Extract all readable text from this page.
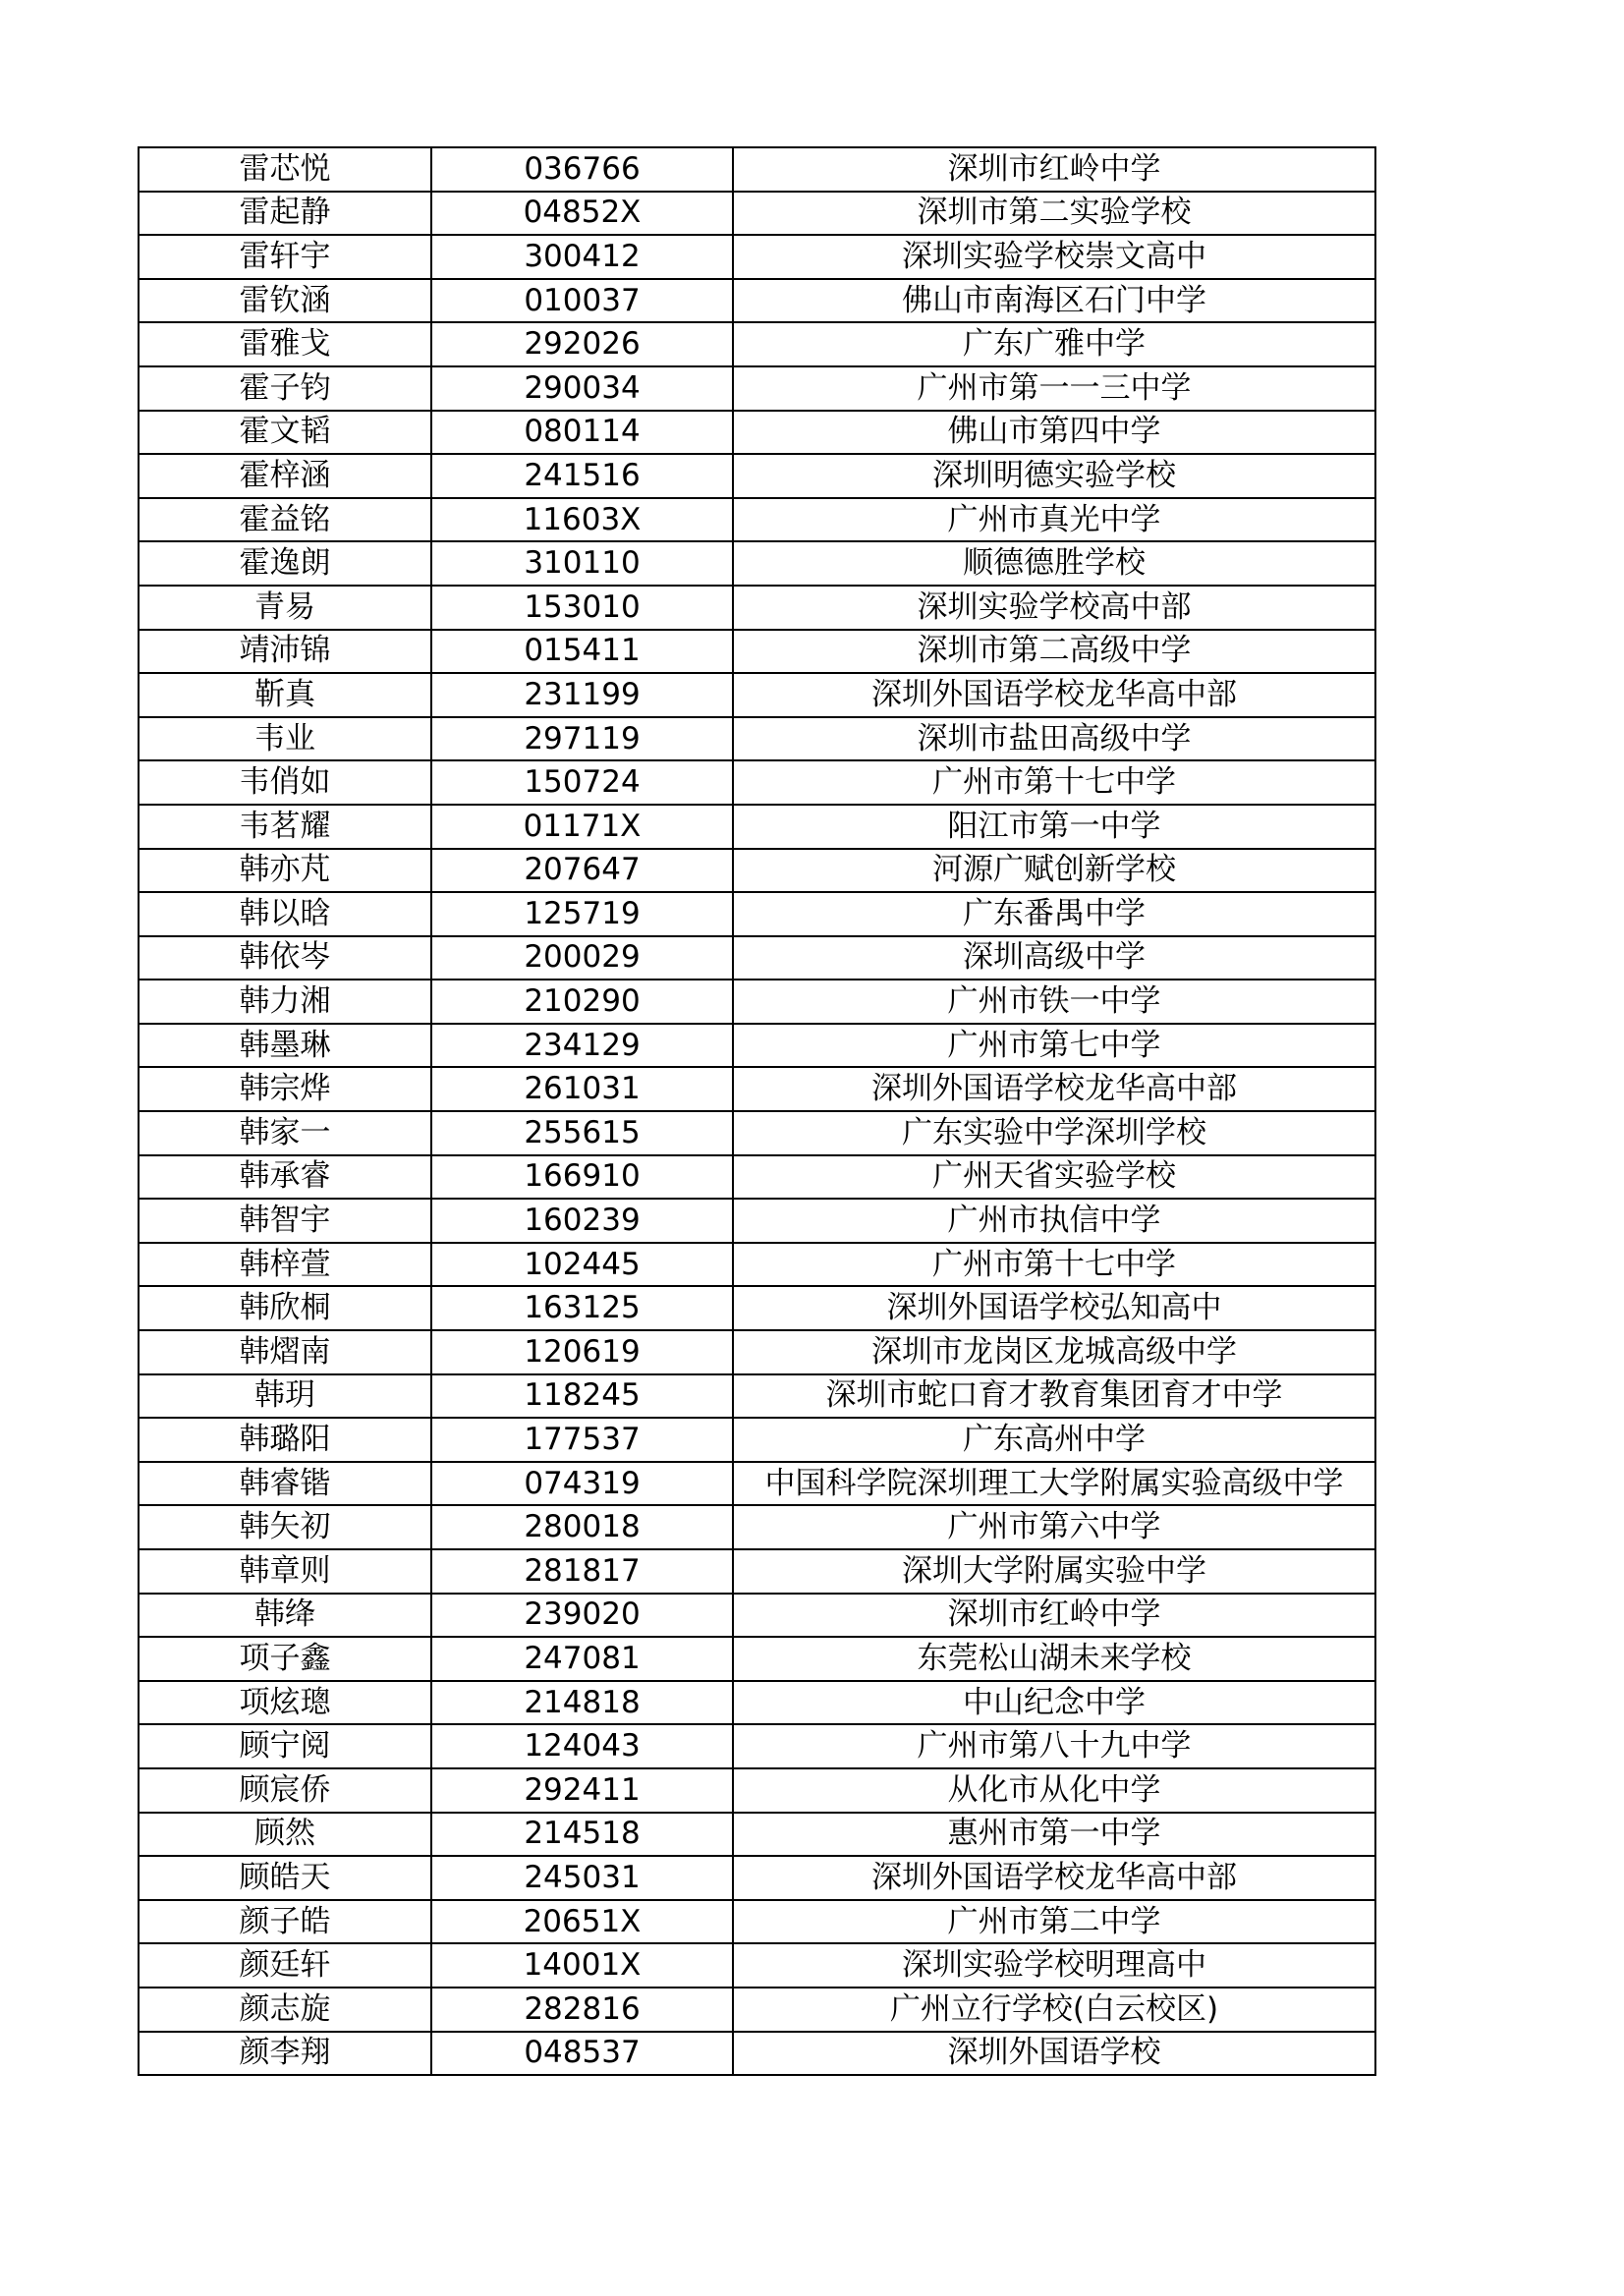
雷芯悦	036766	深圳市红岭中学
雷起静	04852X	深圳市第二实验学校
雷轩宇	300412	深圳实验学校崇文高中
雷钦涵	010037	佛山市南海区石门中学
雷雅戈	292026	广东广雅中学
霍子钧	290034	广州市第一一三中学
霍文韬	080114	佛山市第四中学
霍梓涵	241516	深圳明德实验学校
霍益铭	11603X	广州市真光中学
霍逸朗	310110	顺德德胜学校
青易	153010	深圳实验学校高中部
靖沛锦	015411	深圳市第二高级中学
靳真	231199	深圳外国语学校龙华高中部
韦业	297119	深圳市盐田高级中学
韦俏如	150724	广州市第十七中学
韦茗耀	01171X	阳江市第一中学
韩亦芃	207647	河源广赋创新学校
韩以晗	125719	广东番禺中学
韩依岑	200029	深圳高级中学
韩力湘	210290	广州市铁一中学
韩墨琳	234129	广州市第七中学
韩宗烨	261031	深圳外国语学校龙华高中部
韩家一	255615	广东实验中学深圳学校
韩承睿	166910	广州天省实验学校
韩智宇	160239	广州市执信中学
韩梓萱	102445	广州市第十七中学
韩欣桐	163125	深圳外国语学校弘知高中
韩熠南	120619	深圳市龙岗区龙城高级中学
韩玥	118245	深圳市蛇口育才教育集团育才中学
韩璐阳	177537	广东高州中学
韩睿锴	074319	中国科学院深圳理工大学附属实验高级中学
韩矢初	280018	广州市第六中学
韩章则	281817	深圳大学附属实验中学
韩绛	239020	深圳市红岭中学
项子鑫	247081	东莞松山湖未来学校
项炫璁	214818	中山纪念中学
顾宁阅	124043	广州市第八十九中学
顾宸侨	292411	从化市从化中学
顾然	214518	惠州市第一中学
顾皓天	245031	深圳外国语学校龙华高中部
颜子皓	20651X	广州市第二中学
颜廷轩	14001X	深圳实验学校明理高中
颜志旋	282816	广州立行学校(白云校区)
颜李翔	048537	深圳外国语学校
